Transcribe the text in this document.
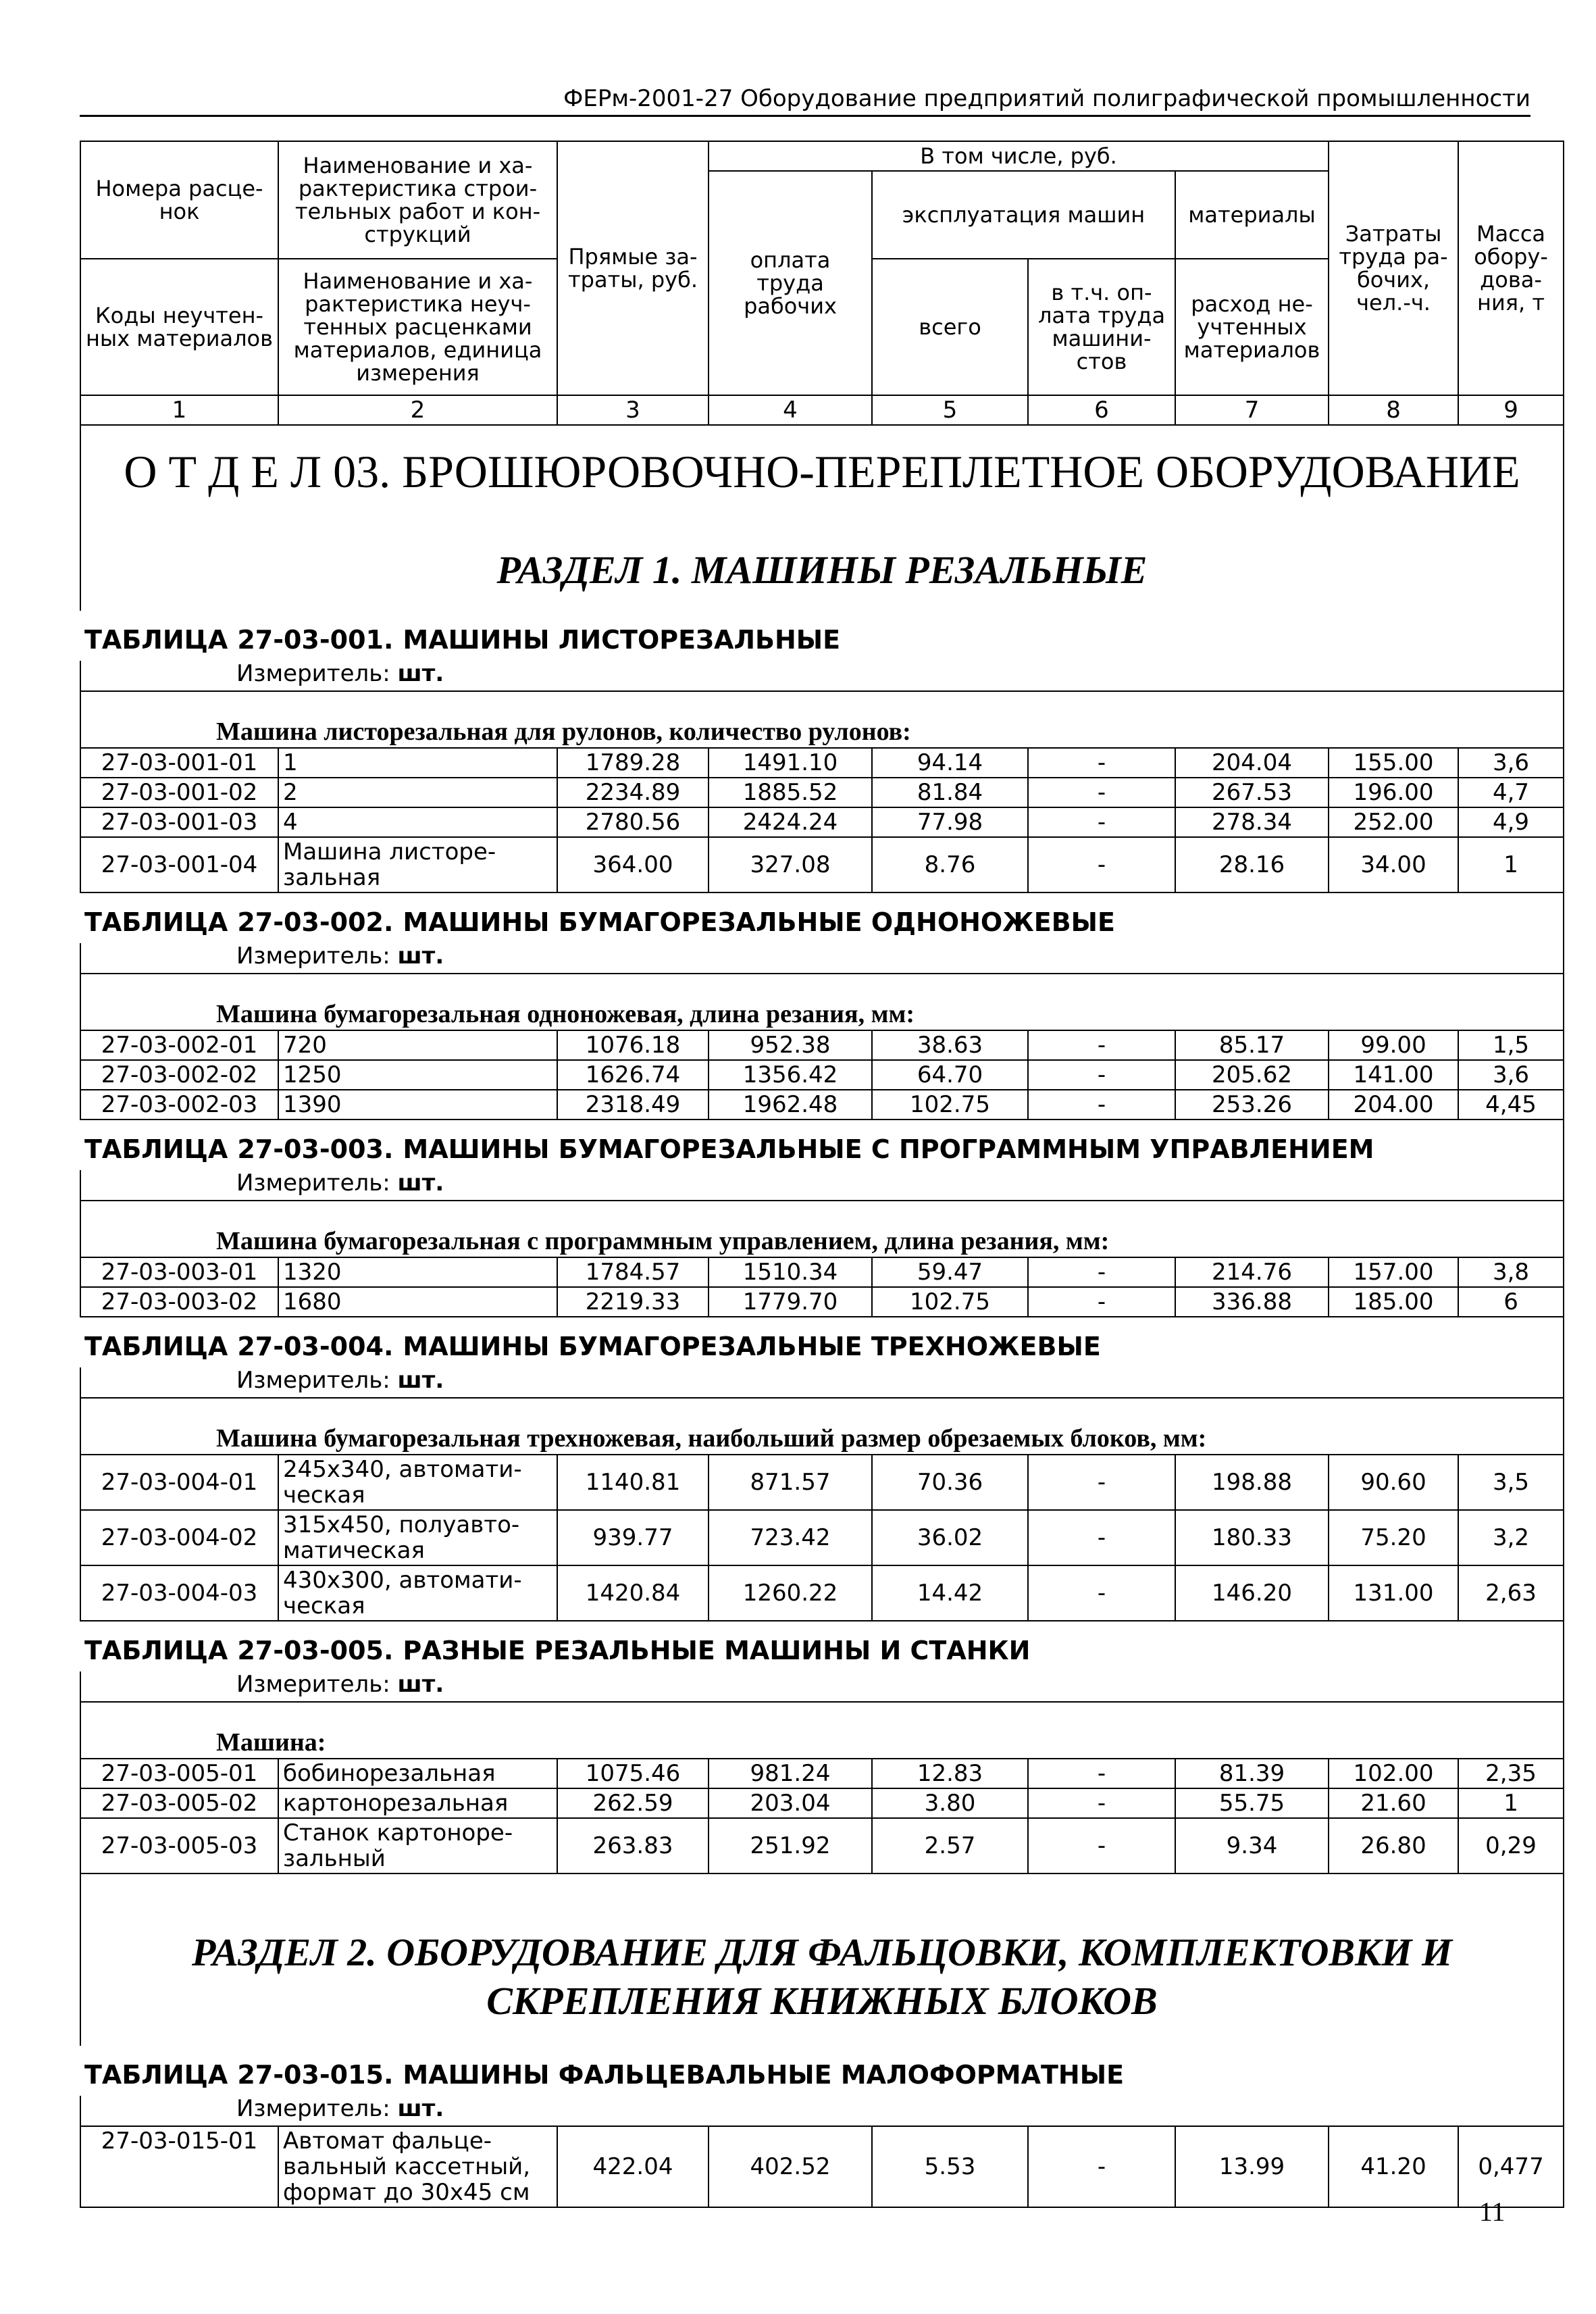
ФЕРм-2001-27 Оборудование предприятий полиграфической промышленности
Номера расце-нок	Наименование и ха-рактеристика строи-тельных работ и кон-струкций	Прямые за-траты, руб.	В том числе, руб.				Затраты труда ра-бочих, чел.-ч.	Масса обору-дова-ния, т
			оплата труда рабочих	эксплуатация машин		материалы		

Коды неучтен-ных материалов	Наименование и ха-рактеристика неуч-тенных расценками материалов, единица измерения			всего	в т.ч. оп-лата труда машини-стов	расход не-учтенных материалов		

1	2	3	4	5	6	7	8	9
О Т Д Е Л 03. БРОШЮРОВОЧНО-ПЕРЕПЛЕТНОЕ ОБОРУДОВАНИЕ								
РАЗДЕЛ 1. МАШИНЫ РЕЗАЛЬНЫЕ								
ТАБЛИЦА 27-03-001. МАШИНЫ ЛИСТОРЕЗАЛЬНЫЕ								
Измеритель: шт.								
Машина листорезальная для рулонов, количество рулонов:								
27-03-001-01	1	1789.28	1491.10	94.14	-	204.04	155.00	3,6
27-03-001-02	2	2234.89	1885.52	81.84	-	267.53	196.00	4,7
27-03-001-03	4	2780.56	2424.24	77.98	-	278.34	252.00	4,9
27-03-001-04	Машина листоре-зальная	364.00	327.08	8.76	-	28.16	34.00	1
ТАБЛИЦА 27-03-002. МАШИНЫ БУМАГОРЕЗАЛЬНЫЕ ОДНОНОЖЕВЫЕ								
Измеритель: шт.								
Машина бумагорезальная одноножевая, длина резания, мм:								
27-03-002-01	720	1076.18	952.38	38.63	-	85.17	99.00	1,5
27-03-002-02	1250	1626.74	1356.42	64.70	-	205.62	141.00	3,6
27-03-002-03	1390	2318.49	1962.48	102.75	-	253.26	204.00	4,45
ТАБЛИЦА 27-03-003. МАШИНЫ БУМАГОРЕЗАЛЬНЫЕ С ПРОГРАММНЫМ УПРАВЛЕНИЕМ								
Измеритель: шт.								
Машина бумагорезальная с программным управлением, длина резания, мм:								
27-03-003-01	1320	1784.57	1510.34	59.47	-	214.76	157.00	3,8
27-03-003-02	1680	2219.33	1779.70	102.75	-	336.88	185.00	6
ТАБЛИЦА 27-03-004. МАШИНЫ БУМАГОРЕЗАЛЬНЫЕ ТРЕХНОЖЕВЫЕ								
Измеритель: шт.								
Машина бумагорезальная трехножевая, наибольший размер обрезаемых блоков, мм:								
27-03-004-01	245х340, автомати-ческая	1140.81	871.57	70.36	-	198.88	90.60	3,5
27-03-004-02	315х450, полуавто-матическая	939.77	723.42	36.02	-	180.33	75.20	3,2
27-03-004-03	430х300, автомати-ческая	1420.84	1260.22	14.42	-	146.20	131.00	2,63
ТАБЛИЦА 27-03-005. РАЗНЫЕ РЕЗАЛЬНЫЕ МАШИНЫ И СТАНКИ								
Измеритель: шт.								
Машина:								
27-03-005-01	бобинорезальная	1075.46	981.24	12.83	-	81.39	102.00	2,35
27-03-005-02	картонорезальная	262.59	203.04	3.80	-	55.75	21.60	1
27-03-005-03	Станок картоноре-зальный	263.83	251.92	2.57	-	9.34	26.80	0,29
РАЗДЕЛ 2. ОБОРУДОВАНИЕ ДЛЯ ФАЛЬЦОВКИ, КОМПЛЕКТОВКИ И СКРЕПЛЕНИЯ КНИЖНЫХ БЛОКОВ								
ТАБЛИЦА 27-03-015. МАШИНЫ ФАЛЬЦЕВАЛЬНЫЕ МАЛОФОРМАТНЫЕ								
Измеритель: шт.								
27-03-015-01	Автомат фальце-вальный кассетный, формат до 30х45 см	422.04	402.52	5.53	-	13.99	41.20	0,477
11
